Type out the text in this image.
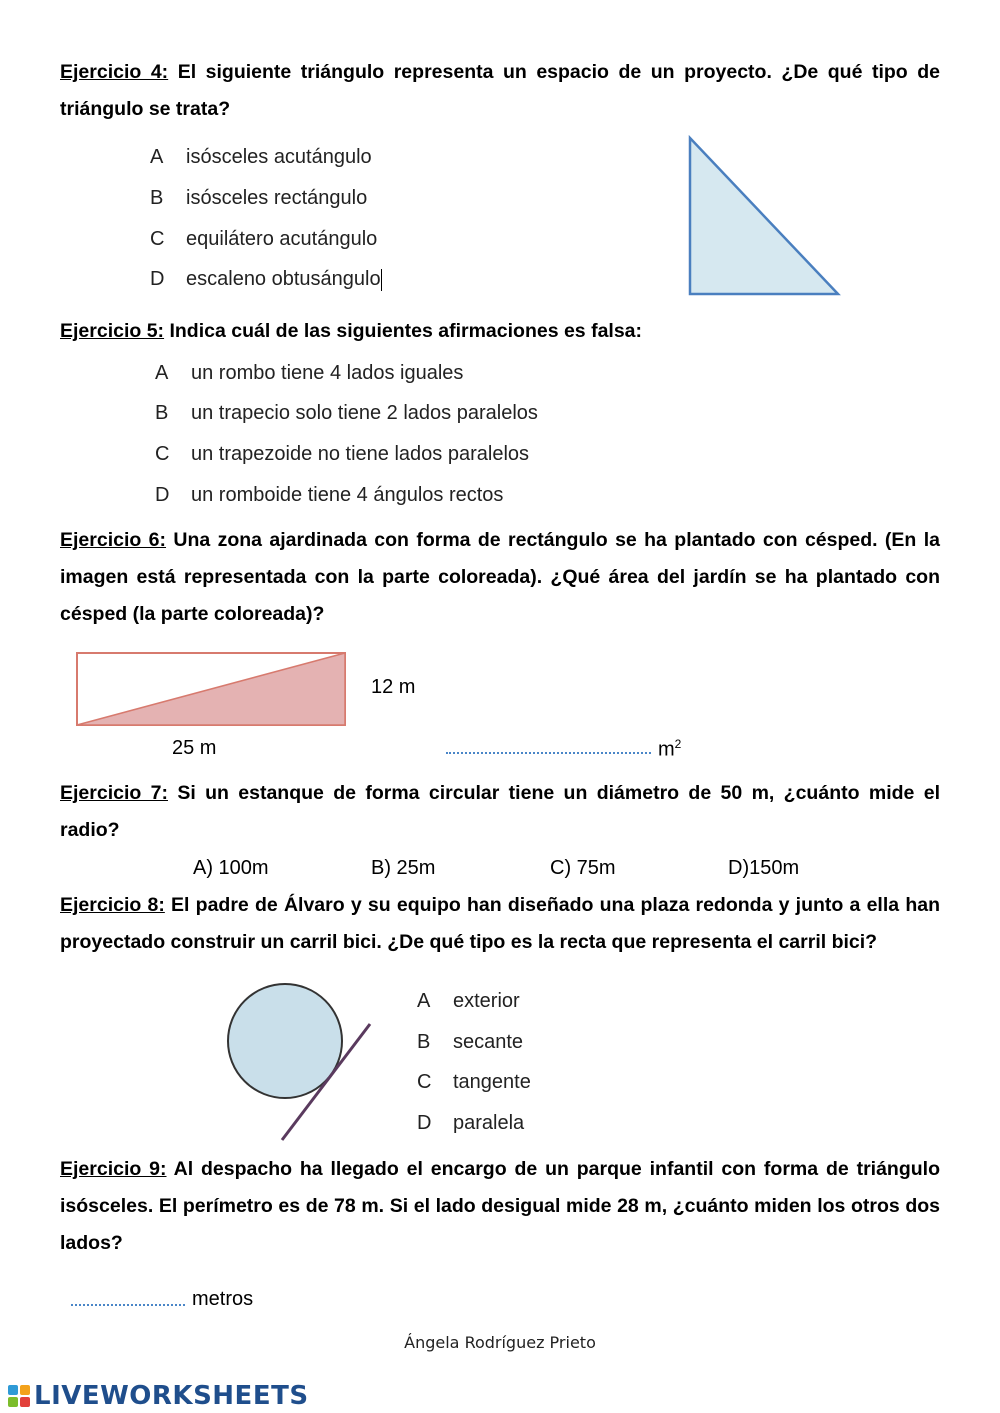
Ejercicio 4: El siguiente triángulo representa un espacio de un proyecto. ¿De qué tipo de triángulo se trata?

A isósceles acutángulo
B isósceles rectángulo
C equilátero acutángulo
D escaleno obtusángulo

Ejercicio 5: Indica cuál de las siguientes afirmaciones es falsa:

A un rombo tiene 4 lados iguales
B un trapecio solo tiene 2 lados paralelos
C un trapezoide no tiene lados paralelos
D un romboide tiene 4 ángulos rectos

Ejercicio 6: Una zona ajardinada con forma de rectángulo se ha plantado con césped. (En la imagen está representada con la parte coloreada). ¿Qué área del jardín se ha plantado con césped (la parte coloreada)?

12 m
25 m	$m^2$

Ejercicio 7: Si un estanque de forma circular tiene un diámetro de 50 m, ¿cuánto mide el radio?

A) 100m	B) 25m	C) 75m	D)150m

Ejercicio 8: El padre de Álvaro y su equipo han diseñado una plaza redonda y junto a ella han proyectado construir un carril bici. ¿De qué tipo es la recta que representa el carril bici?

A exterior
B secante
C tangente
D paralela

Ejercicio 9: Al despacho ha llegado el encargo de un parque infantil con forma de triángulo isósceles. El perímetro es de 78 m. Si el lado desigual mide 28 m, ¿cuánto miden los otros dos lados?

metros
Ángela Rodríguez Prieto
LIVEWORKSHEETS
